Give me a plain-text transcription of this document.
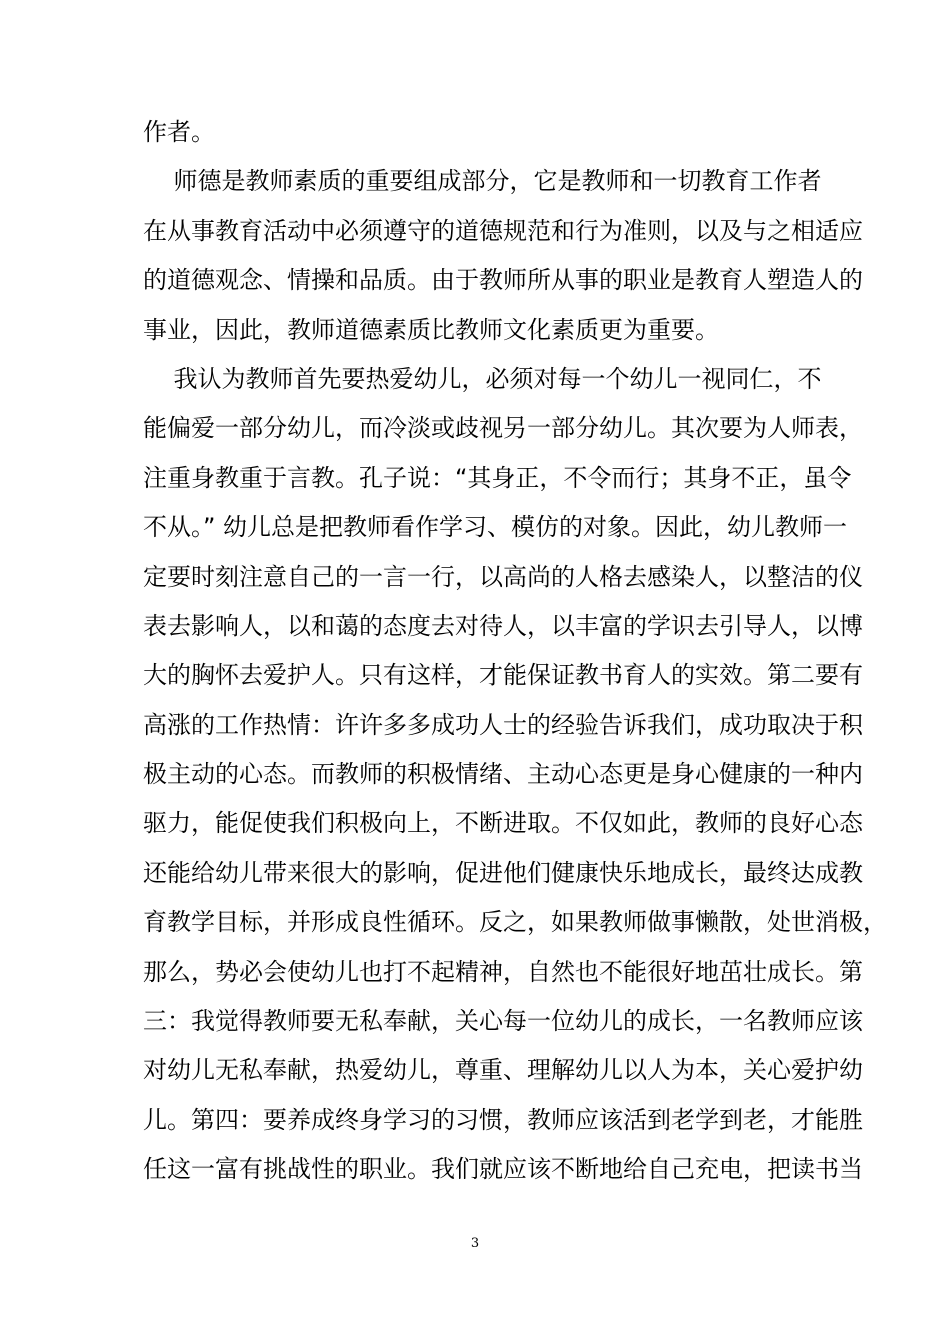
作者。
师德是教师素质的重要组成部分，它是教师和一切教育工作者
在从事教育活动中必须遵守的道德规范和行为准则，以及与之相适应
的道德观念、情操和品质。由于教师所从事的职业是教育人塑造人的
事业，因此，教师道德素质比教师文化素质更为重要。
我认为教师首先要热爱幼儿，必须对每一个幼儿一视同仁，不
能偏爱一部分幼儿，而冷淡或歧视另一部分幼儿。其次要为人师表，
注重身教重于言教。孔子说：“其身正，不令而行；其身不正，虽令
不从。” 幼儿总是把教师看作学习、模仿的对象。因此，幼儿教师一
定要时刻注意自己的一言一行，以高尚的人格去感染人，以整洁的仪
表去影响人，以和蔼的态度去对待人，以丰富的学识去引导人，以博
大的胸怀去爱护人。只有这样，才能保证教书育人的实效。第二要有
高涨的工作热情：许许多多成功人士的经验告诉我们，成功取决于积
极主动的心态。而教师的积极情绪、主动心态更是身心健康的一种内
驱力，能促使我们积极向上，不断进取。不仅如此，教师的良好心态
还能给幼儿带来很大的影响，促进他们健康快乐地成长，最终达成教
育教学目标，并形成良性循环。反之，如果教师做事懒散，处世消极，
那么，势必会使幼儿也打不起精神，自然也不能很好地茁壮成长。第
三：我觉得教师要无私奉献，关心每一位幼儿的成长，一名教师应该
对幼儿无私奉献，热爱幼儿，尊重、理解幼儿以人为本，关心爱护幼
儿。第四：要养成终身学习的习惯，教师应该活到老学到老，才能胜
任这一富有挑战性的职业。我们就应该不断地给自己充电，把读书当
3
